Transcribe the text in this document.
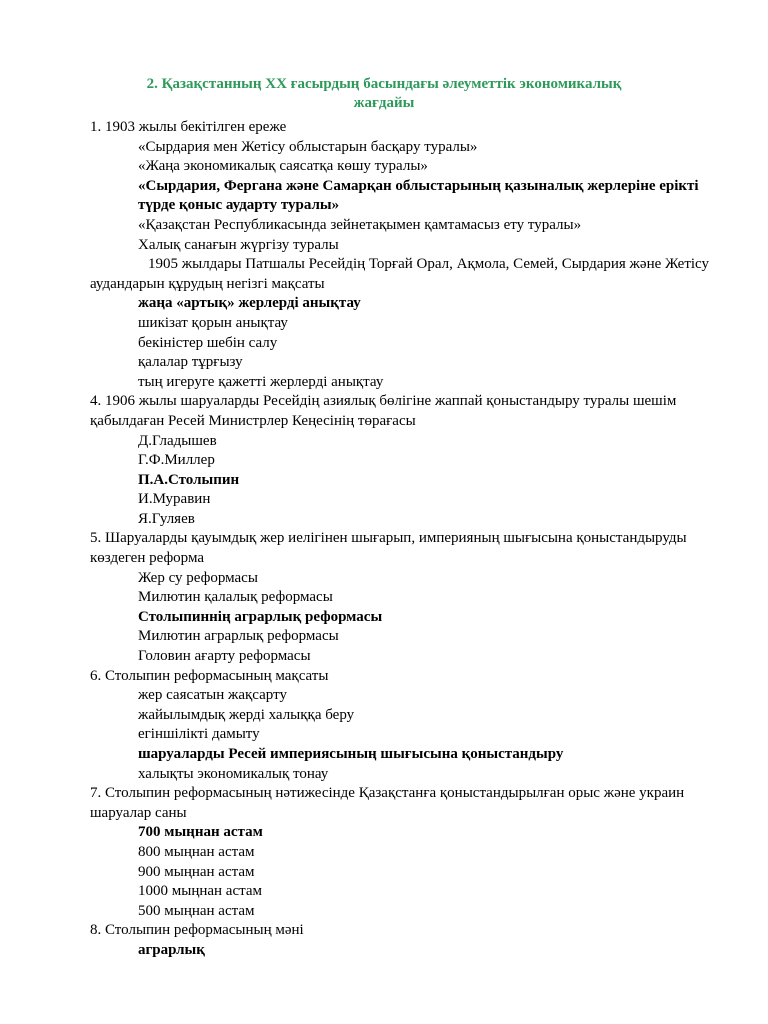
2. Қазақстанның ХХ ғасырдың басындағы әлеуметтік экономикалық
жағдайы

1. 1903 жылы бекітілген ереже

«Сырдария мен Жетісу облыстарын басқару туралы»

«Жаңа экономикалық саясатқа көшу туралы»

«Сырдария, Фергана және Самарқан облыстарының қазыналық жерлеріне ерікті түрде қоныс аударту туралы»

«Қазақстан Республикасында зейнетақымен қамтамасыз ету туралы»

Халық санағын жүргізу туралы

1905 жылдары Патшалы Ресейдің Торғай Орал, Ақмола, Семей, Сырдария және Жетісу аудандарын құрудың негізгі мақсаты

жаңа «артық» жерлерді анықтау

шикізат қорын анықтау

бекіністер шебін салу

қалалар тұрғызу

тың игеруге қажетті жерлерді анықтау

4. 1906 жылы шаруаларды Ресейдің азиялық бөлігіне жаппай қоныстандыру туралы шешім қабылдаған Ресей Министрлер Кеңесінің төрағасы

Д.Гладышев

Г.Ф.Миллер

П.А.Столыпин

И.Муравин

Я.Гуляев

5. Шаруаларды қауымдық жер иелігінен шығарып, империяның шығысына қоныстандыруды көздеген реформа

Жер су реформасы

Милютин қалалық реформасы

Столыпиннің аграрлық реформасы

Милютин аграрлық реформасы

Головин ағарту реформасы

6. Столыпин реформасының мақсаты

жер саясатын жақсарту

жайылымдық жерді халыққа беру

егіншілікті дамыту

шаруаларды Ресей империясының шығысына қоныстандыру

халықты экономикалық тонау

7. Столыпин реформасының нәтижесінде Қазақстанға қоныстандырылған орыс және украин шаруалар саны

700 мыңнан астам

800 мыңнан астам

900 мыңнан астам

1000 мыңнан астам

500 мыңнан астам

8. Столыпин реформасының мәні

аграрлық
